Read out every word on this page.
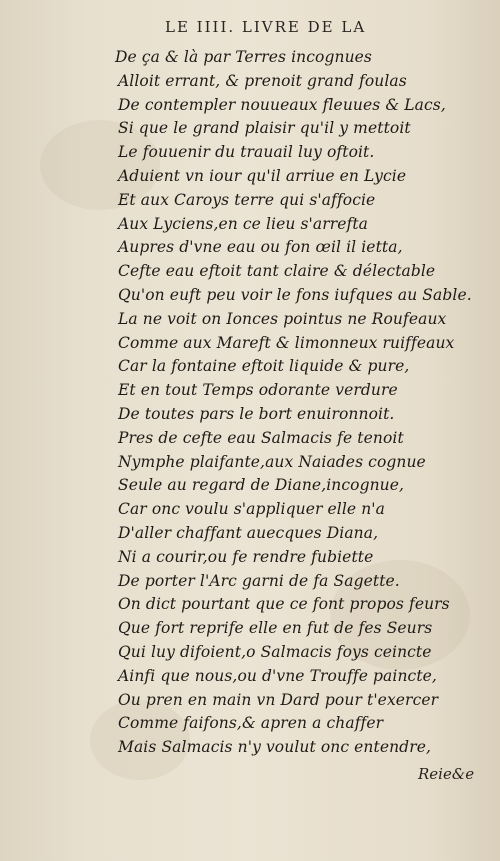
LE IIII. LIVRE DE LA
De ça & là par Terres incognues
Alloit errant, & prenoit grand foulas
De contempler nouueaux fleuues & Lacs,
Si que le grand plaisir qu'il y mettoit
Le fouuenir du trauail luy oftoit.
Aduient vn iour qu'il arriue en Lycie
Et aux Caroys terre qui s'affocie
Aux Lyciens,en ce lieu s'arrefta
Aupres d'vne eau ou fon œil il ietta,
Cefte eau eftoit tant claire & délectable
Qu'on euft peu voir le fons iufques au Sable.
La ne voit on Ionces pointus ne Roufeaux
Comme aux Mareft & limonneux ruiffeaux
Car la fontaine eftoit liquide & pure,
Et en tout Temps odorante verdure
De toutes pars le bort enuironnoit.
Pres de cefte eau Salmacis fe tenoit
Nymphe plaifante,aux Naiades cognue
Seule au regard de Diane,incognue,
Car onc voulu s'appliquer elle n'a
D'aller chaffant auecques Diana,
Ni a courir,ou fe rendre fubiette
De porter l'Arc garni de fa Sagette.
On dict pourtant que ce font propos feurs
Que fort reprife elle en fut de fes Seurs
Qui luy difoient,o Salmacis foys ceincte
Ainfi que nous,ou d'vne Trouffe paincte,
Ou pren en main vn Dard pour t'exercer
Comme faifons,& apren a chaffer
Mais Salmacis n'y voulut onc entendre,
Reie&e
